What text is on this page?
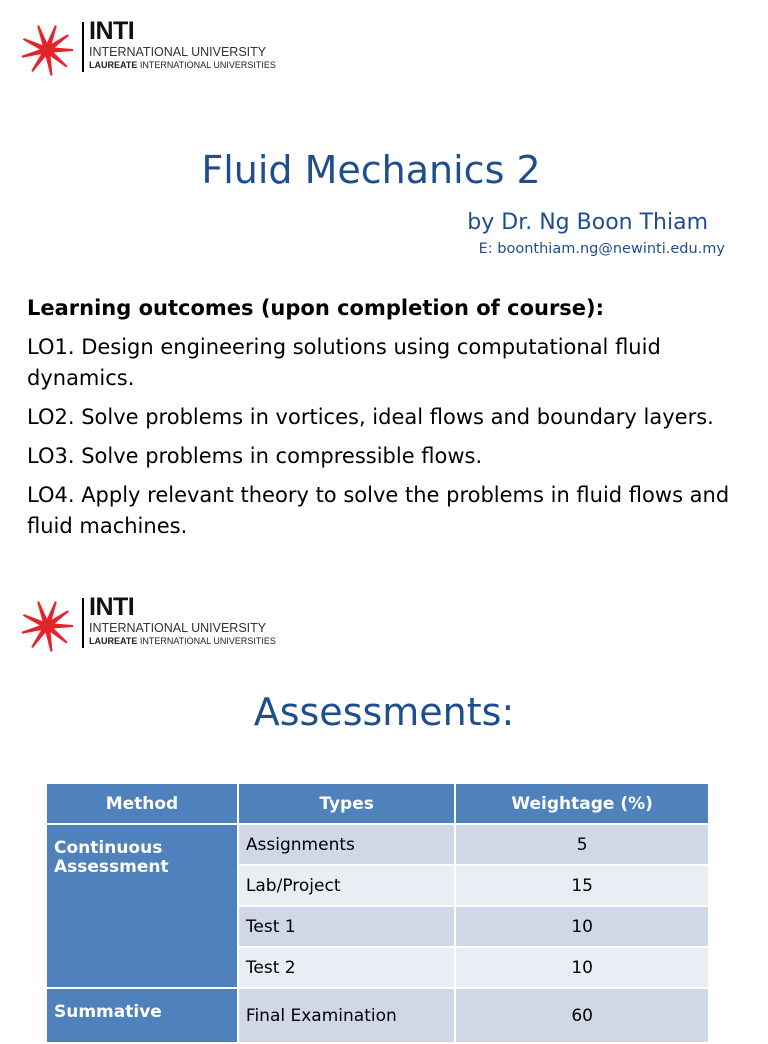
INTI
INTERNATIONAL UNIVERSITY
LAUREATE INTERNATIONAL UNIVERSITIES
Fluid Mechanics 2
by Dr. Ng Boon Thiam
E: boonthiam.ng@newinti.edu.my
Learning outcomes (upon completion of course):
LO1. Design engineering solutions using computational fluid dynamics.
LO2. Solve problems in vortices, ideal flows and boundary layers.
LO3. Solve problems in compressible flows.
LO4. Apply relevant theory to solve the problems in fluid flows and fluid machines.
INTI
INTERNATIONAL UNIVERSITY
LAUREATE INTERNATIONAL UNIVERSITIES
Assessments:
Method	Types	Weightage (%)
Continuous Assessment	Assignments	5
	Lab/Project	15
	Test 1	10
	Test 2	10
Summative	Final Examination	60
